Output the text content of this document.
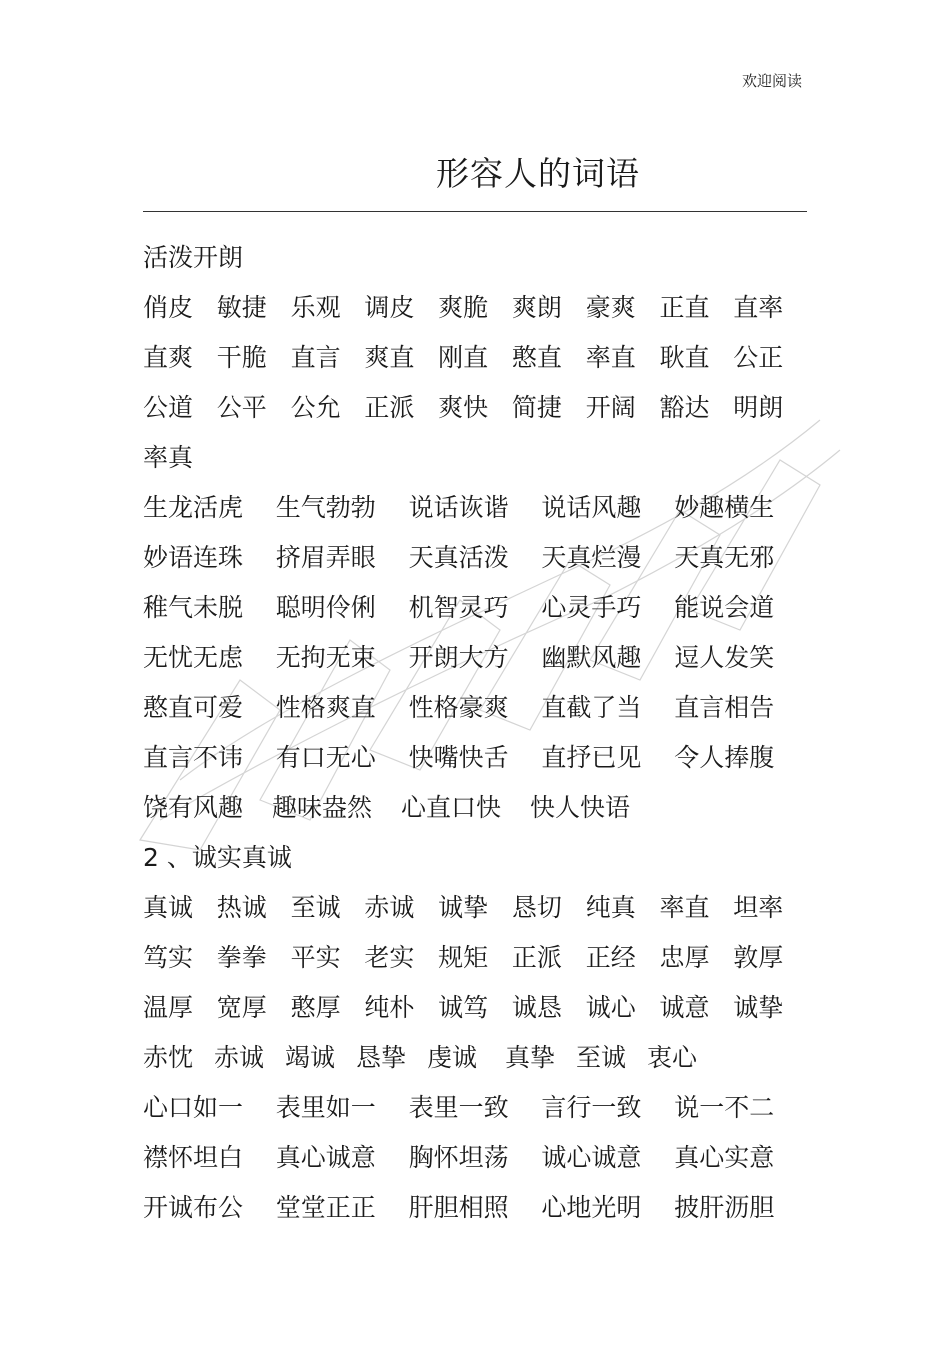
欢迎阅读
形容人的词语
活泼开朗
俏皮 敏捷 乐观 调皮 爽脆 爽朗 豪爽 正直 直率
直爽 干脆 直言 爽直 刚直 憨直 率直 耿直 公正
公道 公平 公允 正派 爽快 简捷 开阔 豁达 明朗
率真
生龙活虎	生气勃勃	说话诙谐	说话风趣	妙趣横生
妙语连珠	挤眉弄眼	天真活泼	天真烂漫	天真无邪
稚气未脱	聪明伶俐	机智灵巧	心灵手巧	能说会道
无忧无虑	无拘无束	开朗大方	幽默风趣	逗人发笑
憨直可爱	性格爽直	性格豪爽	直截了当	直言相告
直言不讳	有口无心	快嘴快舌	直抒已见	令人捧腹
饶有风趣	趣味盎然	心直口快	快人快语
2 、诚实真诚
真诚 热诚 至诚 赤诚 诚挚 恳切 纯真 率直 坦率
笃实 拳拳 平实 老实 规矩 正派 正经 忠厚 敦厚
温厚 宽厚 憨厚 纯朴 诚笃 诚恳 诚心 诚意 诚挚
赤忱 赤诚 竭诚 恳挚 虔诚	真挚 至诚 衷心
心口如一	表里如一	表里一致	言行一致	说一不二
襟怀坦白	真心诚意	胸怀坦荡	诚心诚意	真心实意
开诚布公	堂堂正正	肝胆相照	心地光明	披肝沥胆
